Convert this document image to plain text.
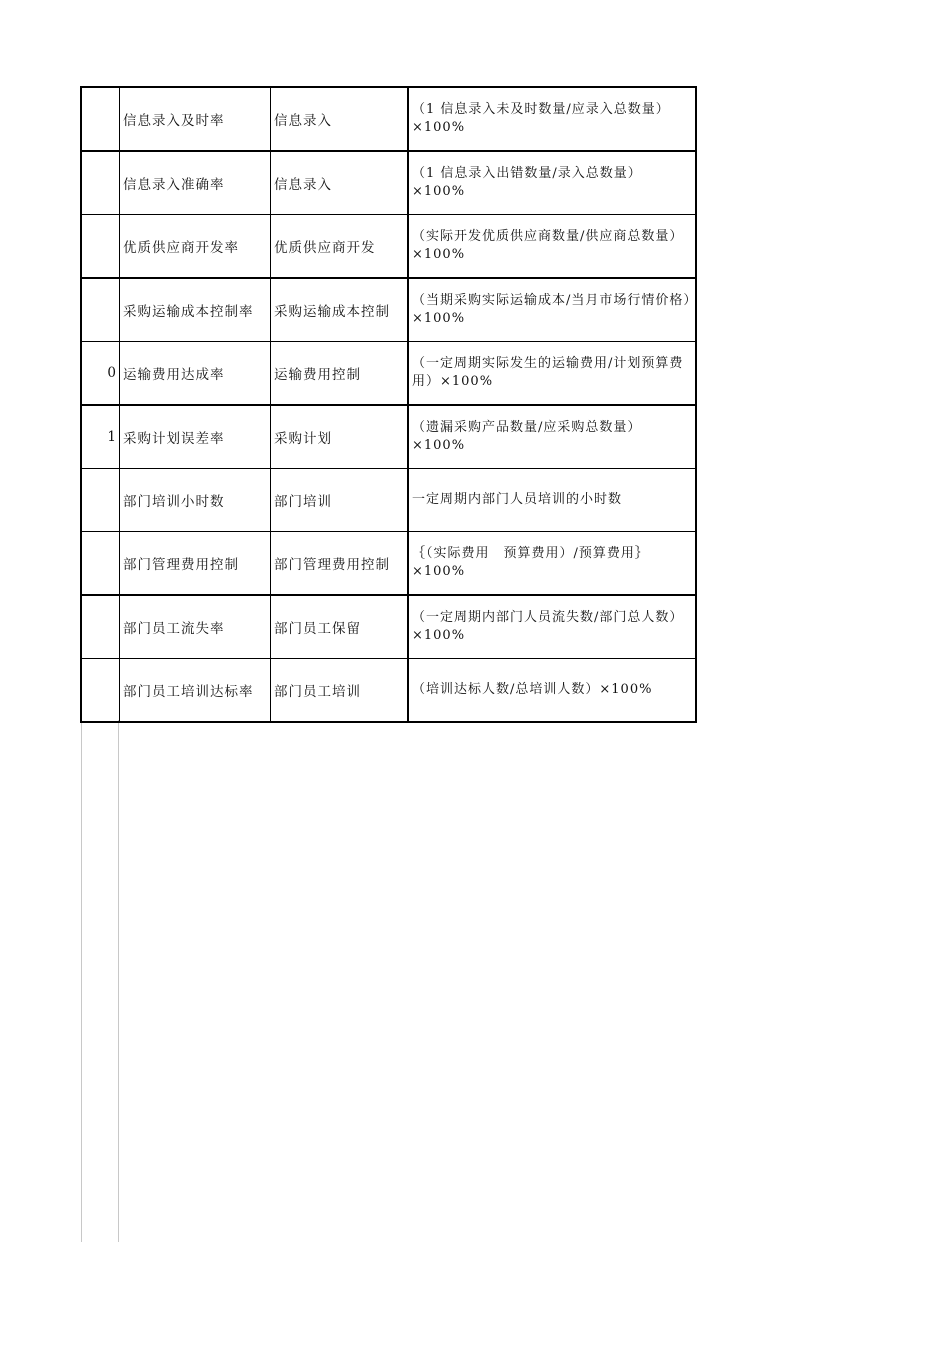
	信息录入及时率	信息录入	（1 信息录入未及时数量/应录入总数量）×100%
	信息录入准确率	信息录入	（1 信息录入出错数量/录入总数量）×100%
	优质供应商开发率	优质供应商开发	（实际开发优质供应商数量/供应商总数量）×100%
	采购运输成本控制率	采购运输成本控制	（当期采购实际运输成本/当月市场行情价格）×100%
0	运输费用达成率	运输费用控制	（一定周期实际发生的运输费用/计划预算费用）×100%
1	采购计划误差率	采购计划	（遗漏采购产品数量/应采购总数量）×100%
	部门培训小时数	部门培训	一定周期内部门人员培训的小时数
	部门管理费用控制	部门管理费用控制	｛（实际费用　预算费用）/预算费用｝×100%
	部门员工流失率	部门员工保留	（一定周期内部门人员流失数/部门总人数）×100%
	部门员工培训达标率	部门员工培训	（培训达标人数/总培训人数）×100%
